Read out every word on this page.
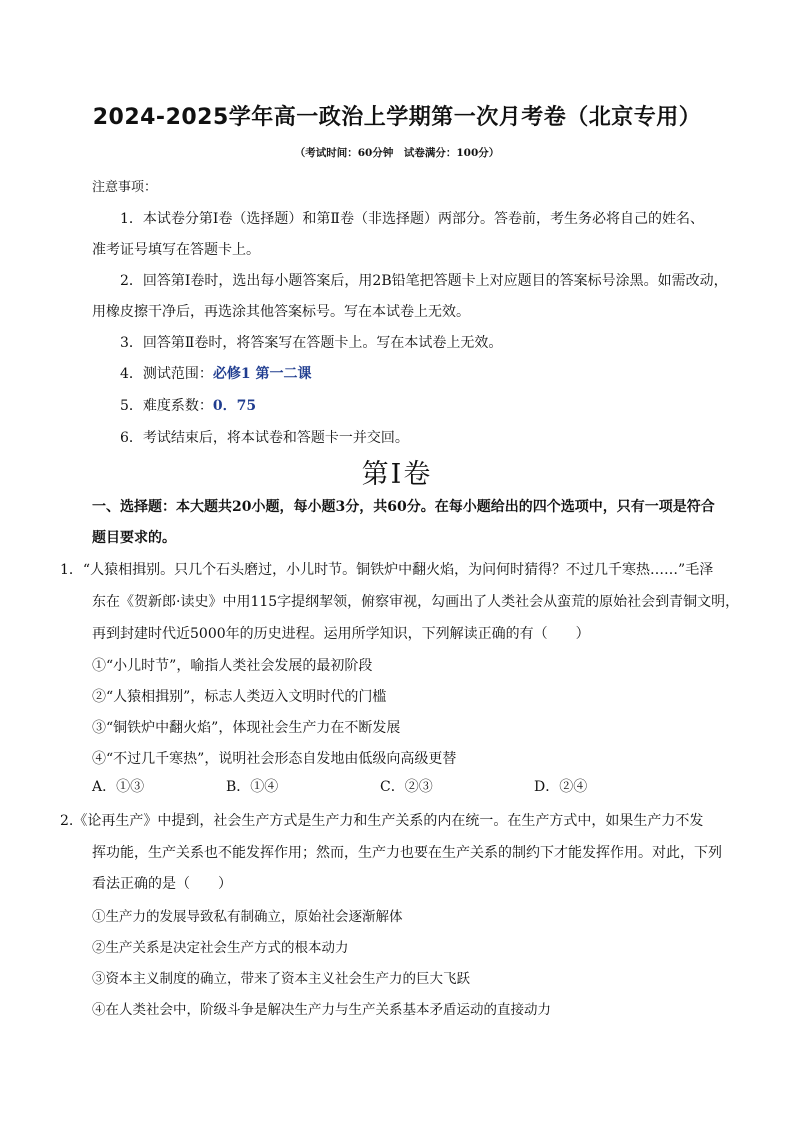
2024-2025学年高一政治上学期第一次月考卷（北京专用）
（考试时间：60分钟　试卷满分：100分）
注意事项：
1．本试卷分第Ⅰ卷（选择题）和第Ⅱ卷（非选择题）两部分。答卷前，考生务必将自己的姓名、
准考证号填写在答题卡上。
2．回答第Ⅰ卷时，选出每小题答案后，用2B铅笔把答题卡上对应题目的答案标号涂黑。如需改动，
用橡皮擦干净后，再选涂其他答案标号。写在本试卷上无效。
3．回答第Ⅱ卷时，将答案写在答题卡上。写在本试卷上无效。
4．测试范围：必修1 第一二课
5．难度系数：0．75
6．考试结束后，将本试卷和答题卡一并交回。
第Ⅰ卷
一、选择题：本大题共20小题，每小题3分，共60分。在每小题给出的四个选项中，只有一项是符合
题目要求的。
1．“人猿相揖别。只几个石头磨过，小儿时节。铜铁炉中翻火焰，为问何时猜得？不过几千寒热……”毛泽
东在《贺新郎·读史》中用115字提纲挈领，俯察审视，勾画出了人类社会从蛮荒的原始社会到青铜文明，
再到封建时代近5000年的历史进程。运用所学知识，下列解读正确的有（　　）
①“小儿时节”，喻指人类社会发展的最初阶段
②“人猿相揖别”，标志人类迈入文明时代的门槛
③“铜铁炉中翻火焰”，体现社会生产力在不断发展
④“不过几千寒热”，说明社会形态自发地由低级向高级更替
A．①③	B．①④	C．②③	D．②④
2.《论再生产》中提到，社会生产方式是生产力和生产关系的内在统一。在生产方式中，如果生产力不发
挥功能，生产关系也不能发挥作用；然而，生产力也要在生产关系的制约下才能发挥作用。对此，下列
看法正确的是（　　）
①生产力的发展导致私有制确立，原始社会逐渐解体
②生产关系是决定社会生产方式的根本动力
③资本主义制度的确立，带来了资本主义社会生产力的巨大飞跃
④在人类社会中，阶级斗争是解决生产力与生产关系基本矛盾运动的直接动力
